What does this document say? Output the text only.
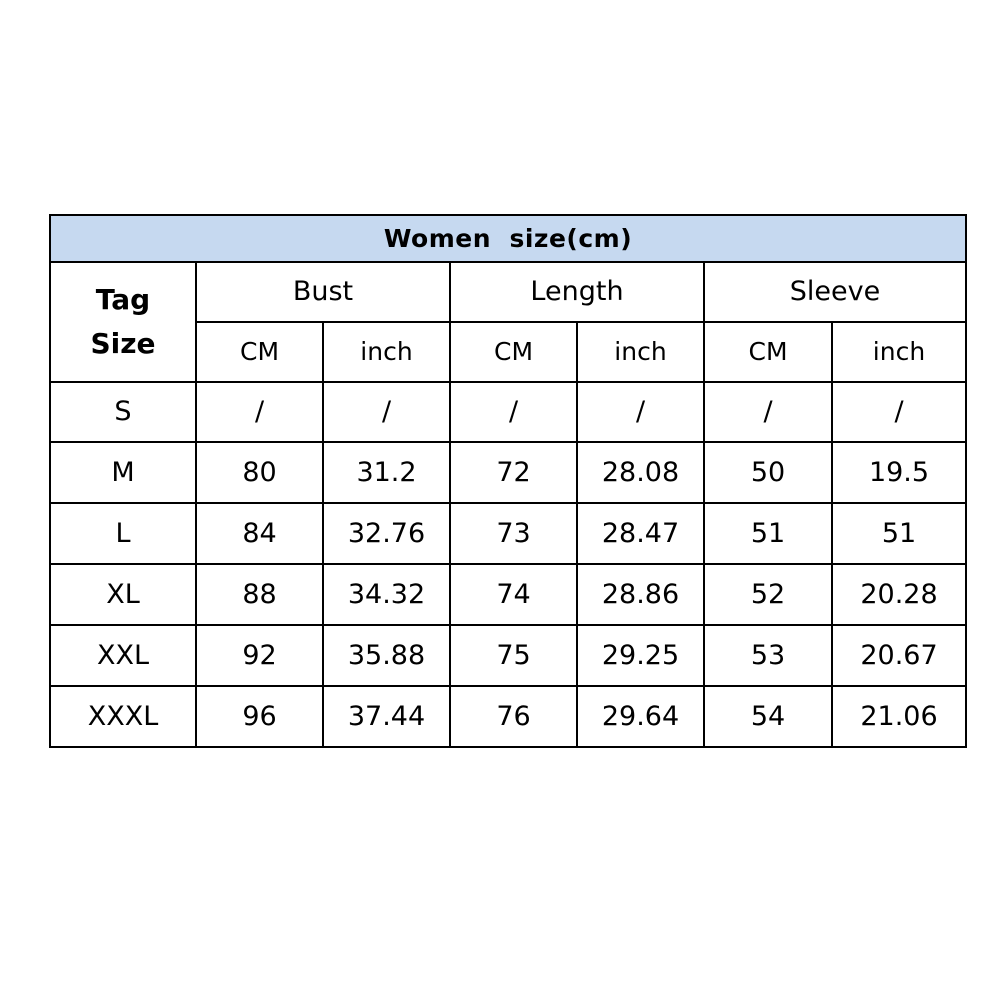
Women  size(cm)						

Tag
Size	Bust		Length		Sleeve	
	CM	inch	CM	inch	CM	inch
S	/	/	/	/	/	/
M	80	31.2	72	28.08	50	19.5
L	84	32.76	73	28.47	51	51
XL	88	34.32	74	28.86	52	20.28
XXL	92	35.88	75	29.25	53	20.67
XXXL	96	37.44	76	29.64	54	21.06
